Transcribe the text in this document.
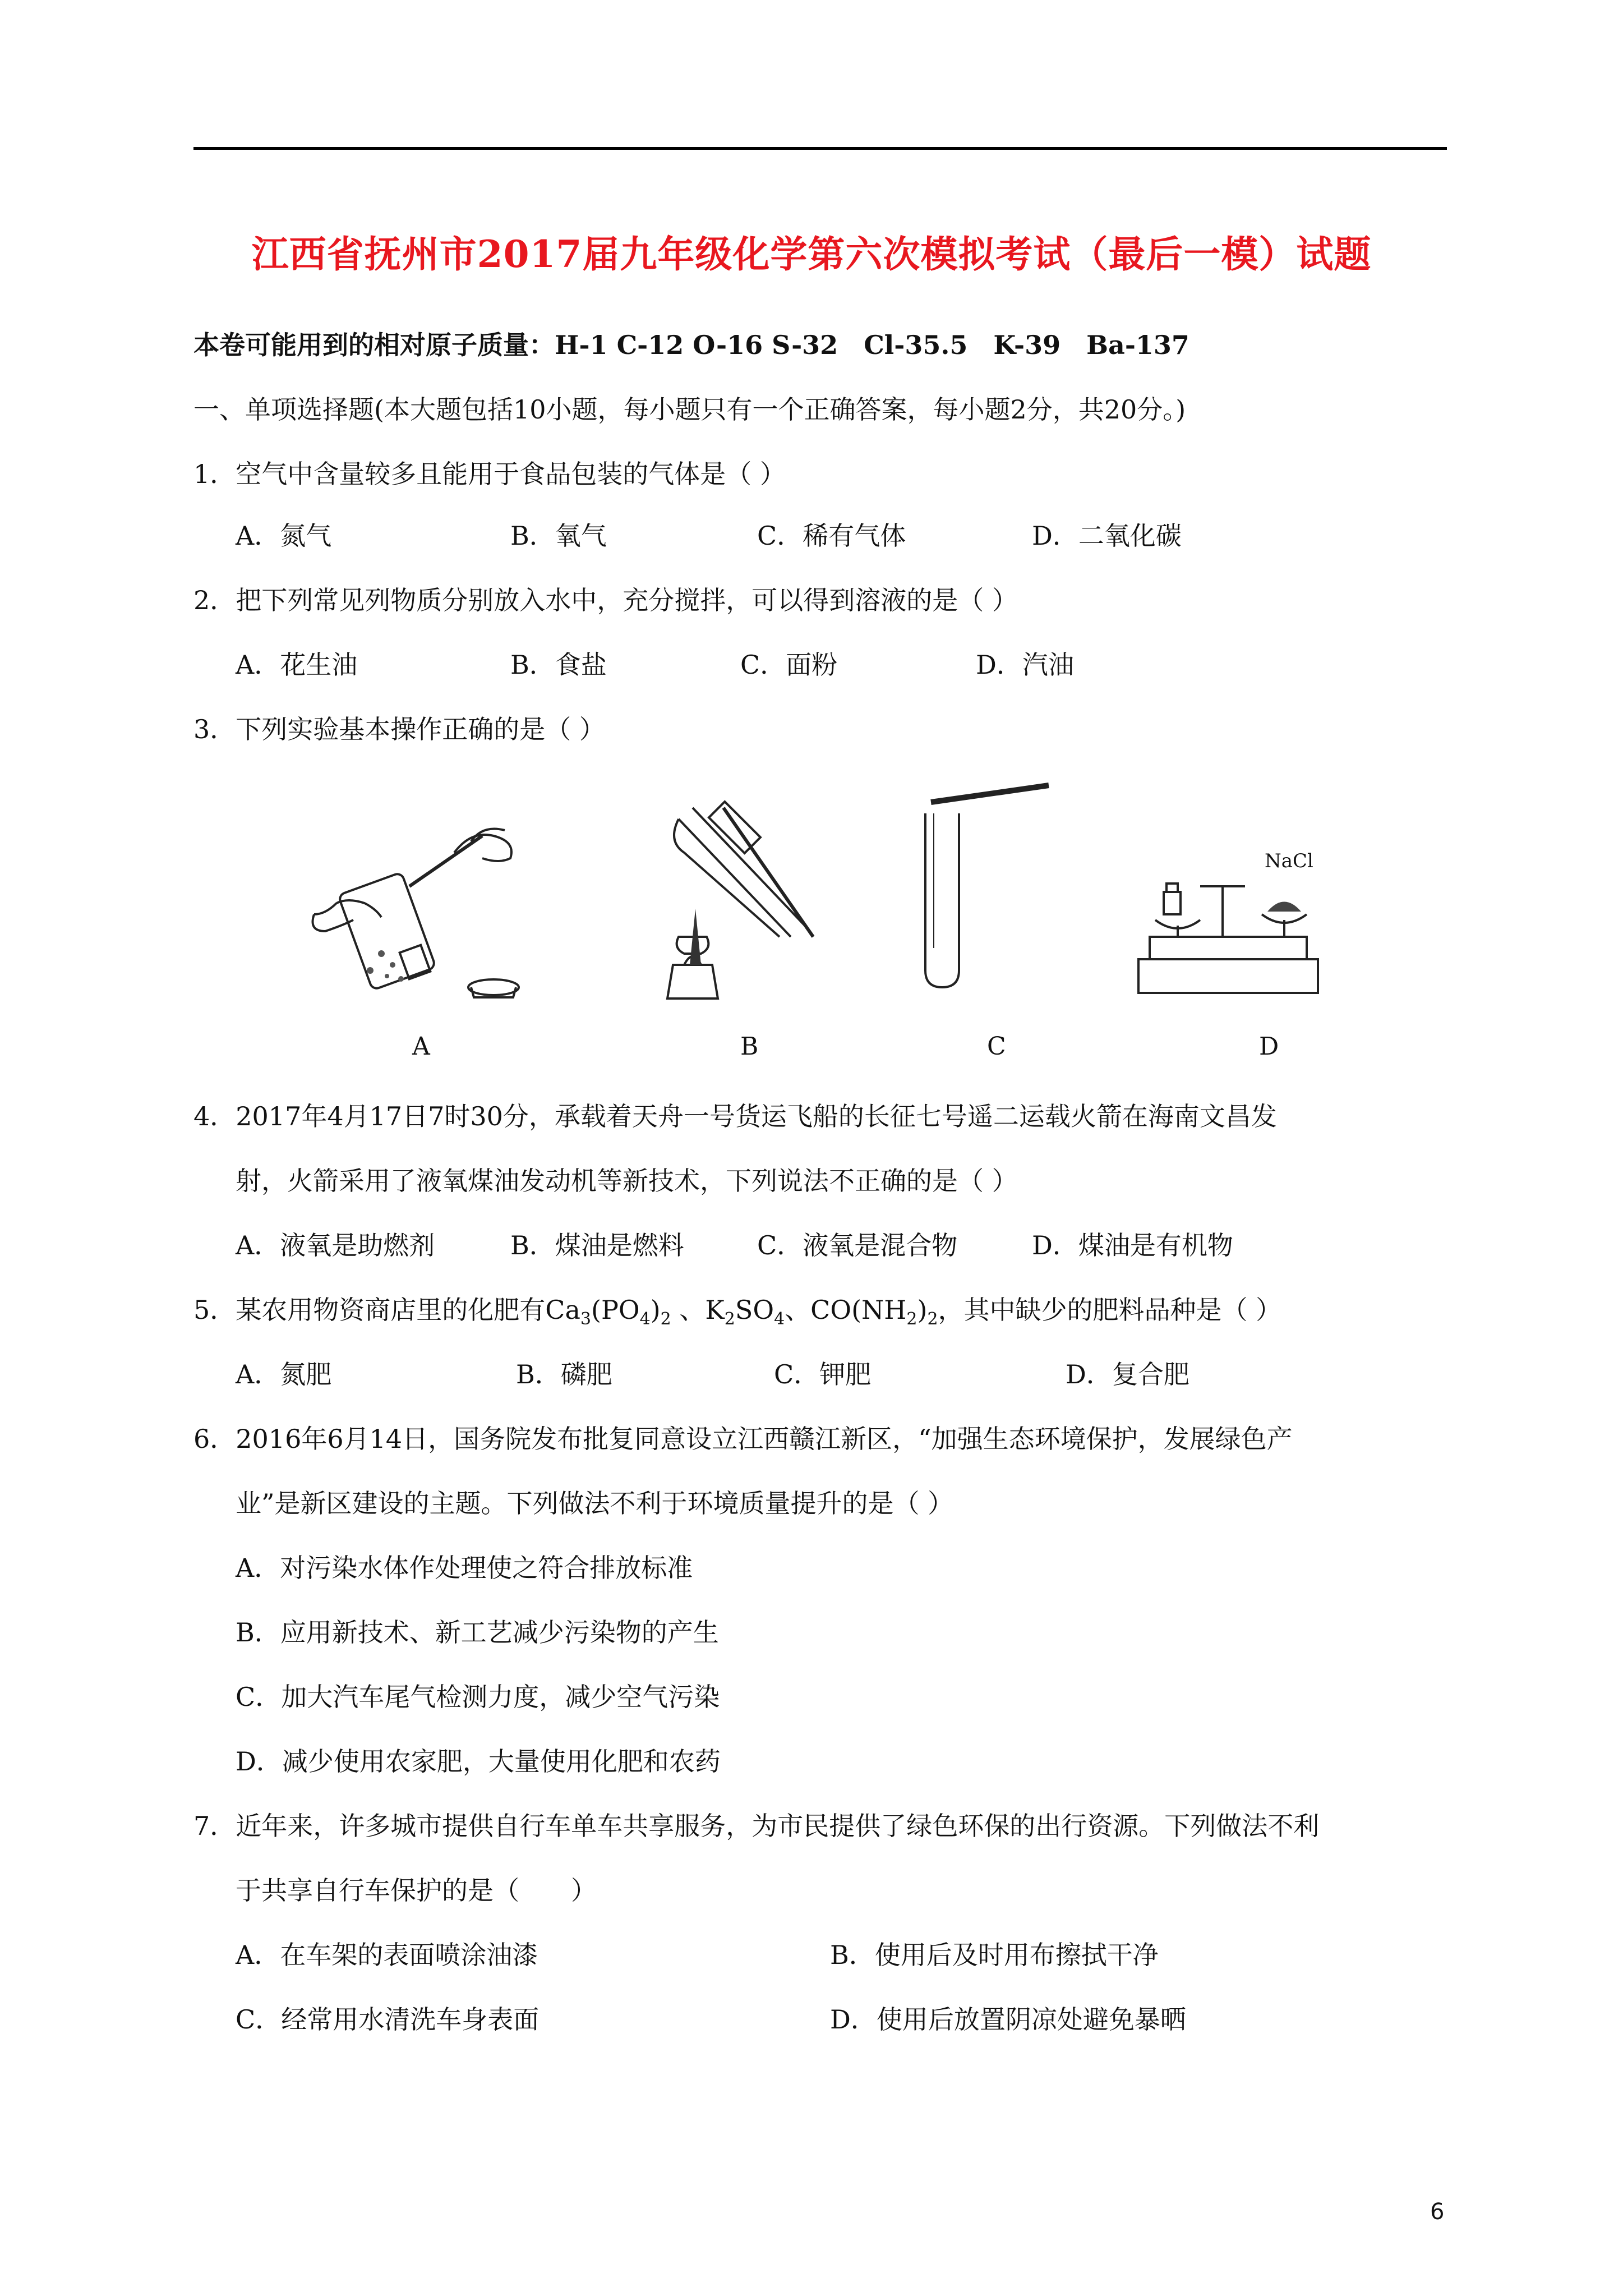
江西省抚州市2017届九年级化学第六次模拟考试（最后一模）试题
本卷可能用到的相对原子质量：H-1 C-12 O-16 S-32　Cl-35.5　K-39　Ba-137
一、单项选择题(本大题包括10小题，每小题只有一个正确答案，每小题2分，共20分。)
1．空气中含量较多且能用于食品包装的气体是（ ）
A．氮气	B．氧气	C．稀有气体	D．二氧化碳
2．把下列常见列物质分别放入水中，充分搅拌，可以得到溶液的是（ ）
A．花生油	B．食盐	C．面粉	D．汽油
3．下列实验基本操作正确的是（ ）
A	B	C
NaCl
D
4．2017年4月17日7时30分，承载着天舟一号货运飞船的长征七号遥二运载火箭在海南文昌发
射，火箭采用了液氧煤油发动机等新技术，下列说法不正确的是（ ）
A．液氧是助燃剂	B．煤油是燃料	C．液氧是混合物	D．煤油是有机物
5．某农用物资商店里的化肥有$Ca_3(PO_4)_2$ 、$K_2SO_4$、$CO(NH_2)_2$，其中缺少的肥料品种是（ ）
A．氮肥	B．磷肥	C．钾肥	D．复合肥
6．2016年6月14日，国务院发布批复同意设立江西赣江新区，“加强生态环境保护，发展绿色产
业”是新区建设的主题。下列做法不利于环境质量提升的是（ ）
A．对污染水体作处理使之符合排放标准
B．应用新技术、新工艺减少污染物的产生
C．加大汽车尾气检测力度，减少空气污染
D．减少使用农家肥，大量使用化肥和农药
7．近年来，许多城市提供自行车单车共享服务，为市民提供了绿色环保的出行资源。下列做法不利
于共享自行车保护的是（　　）
A．在车架的表面喷涂油漆	B．使用后及时用布擦拭干净
C．经常用水清洗车身表面	D．使用后放置阴凉处避免暴晒
6
